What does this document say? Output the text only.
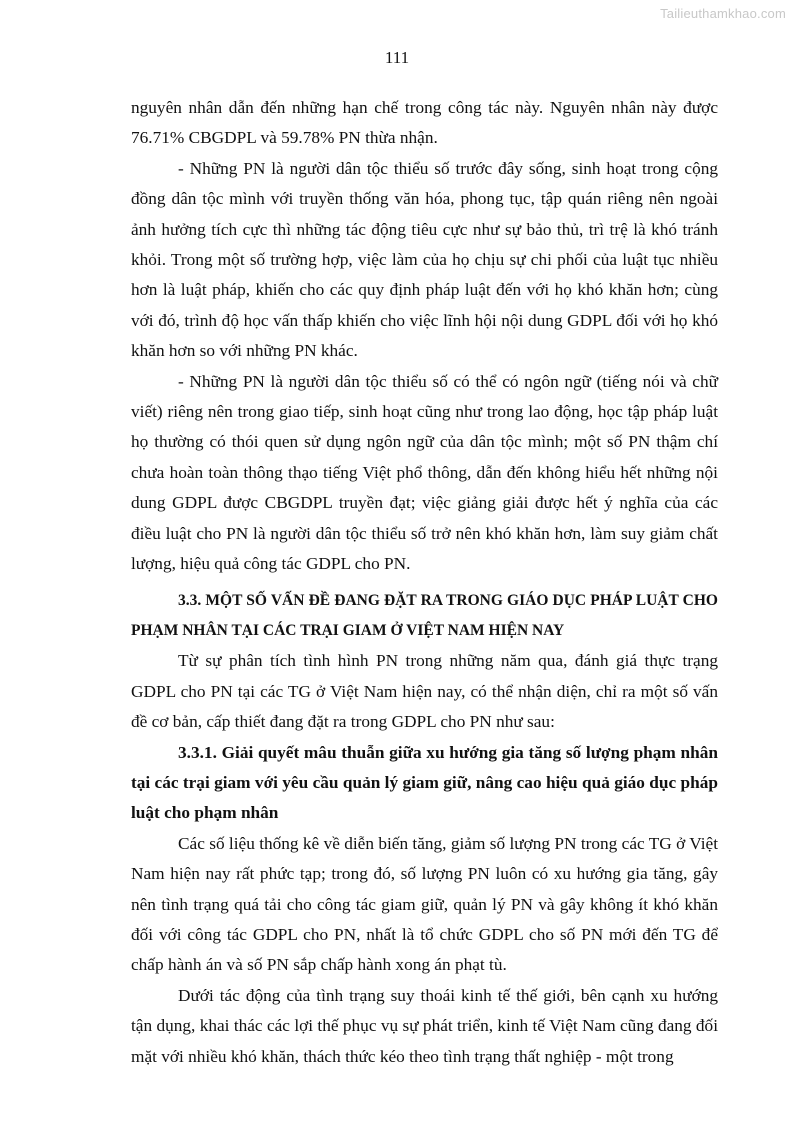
Tailieuthamkhao.com
111

nguyên nhân dẫn đến những hạn chế trong công tác này. Nguyên nhân này được 76.71% CBGDPL và 59.78% PN thừa nhận.

- Những PN là người dân tộc thiểu số trước đây sống, sinh hoạt trong cộng đồng dân tộc mình với truyền thống văn hóa, phong tục, tập quán riêng nên ngoài ảnh hưởng tích cực thì những tác động tiêu cực như sự bảo thủ, trì trệ là khó tránh khỏi. Trong một số trường hợp, việc làm của họ chịu sự chi phối của luật tục nhiều hơn là luật pháp, khiến cho các quy định pháp luật đến với họ khó khăn hơn; cùng với đó, trình độ học vấn thấp khiến cho việc lĩnh hội nội dung GDPL đối với họ khó khăn hơn so với những PN khác.

- Những PN là người dân tộc thiểu số có thể có ngôn ngữ (tiếng nói và chữ viết) riêng nên trong giao tiếp, sinh hoạt cũng như trong lao động, học tập pháp luật họ thường có thói quen sử dụng ngôn ngữ của dân tộc mình; một số PN thậm chí chưa hoàn toàn thông thạo tiếng Việt phổ thông, dẫn đến không hiểu hết những nội dung GDPL được CBGDPL truyền đạt; việc giảng giải được hết ý nghĩa của các điều luật cho PN là người dân tộc thiểu số trở nên khó khăn hơn, làm suy giảm chất lượng, hiệu quả công tác GDPL cho PN.

3.3. MỘT SỐ VẤN ĐỀ ĐANG ĐẶT RA TRONG GIÁO DỤC PHÁP LUẬT CHO PHẠM NHÂN TẠI CÁC TRẠI GIAM Ở VIỆT NAM HIỆN NAY

Từ sự phân tích tình hình PN trong những năm qua, đánh giá thực trạng GDPL cho PN tại các TG ở Việt Nam hiện nay, có thể nhận diện, chỉ ra một số vấn đề cơ bản, cấp thiết đang đặt ra trong GDPL cho PN như sau:

3.3.1. Giải quyết mâu thuẫn giữa xu hướng gia tăng số lượng phạm nhân tại các trại giam với yêu cầu quản lý giam giữ, nâng cao hiệu quả giáo dục pháp luật cho phạm nhân

Các số liệu thống kê về diễn biến tăng, giảm số lượng PN trong các TG ở Việt Nam hiện nay rất phức tạp; trong đó, số lượng PN luôn có xu hướng gia tăng, gây nên tình trạng quá tải cho công tác giam giữ, quản lý PN và gây không ít khó khăn đối với công tác GDPL cho PN, nhất là tổ chức GDPL cho số PN mới đến TG để chấp hành án và số PN sắp chấp hành xong án phạt tù.

Dưới tác động của tình trạng suy thoái kinh tế thế giới, bên cạnh xu hướng tận dụng, khai thác các lợi thế phục vụ sự phát triển, kinh tế Việt Nam cũng đang đối mặt với nhiều khó khăn, thách thức kéo theo tình trạng thất nghiệp - một trong
